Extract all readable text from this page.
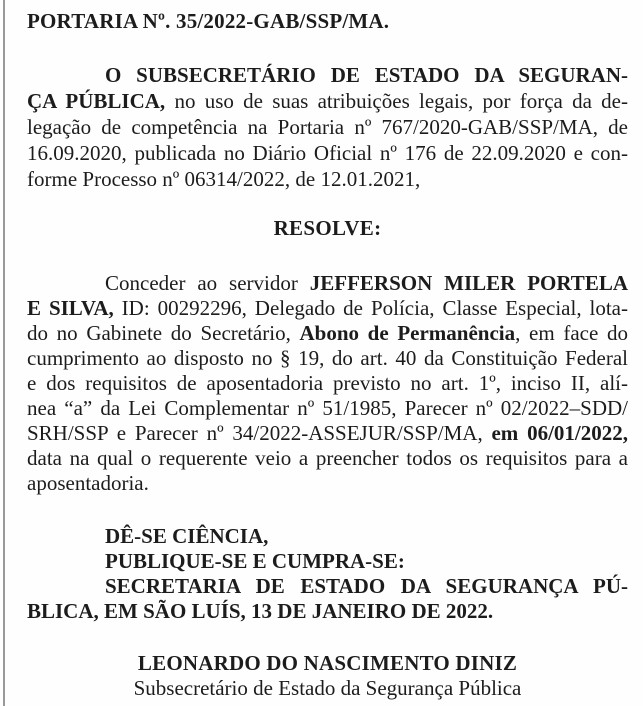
PORTARIA Nº. 35/2022-GAB/SSP/MA.
O SUBSECRETÁRIO DE ESTADO DA SEGURAN-
ÇA PÚBLICA, no uso de suas atribuições legais, por força da de-
legação de competência na Portaria nº 767/2020-GAB/SSP/MA, de
16.09.2020, publicada no Diário Oficial nº 176 de 22.09.2020 e con-
forme Processo nº 06314/2022, de 12.01.2021,
RESOLVE:
Conceder ao servidor JEFFERSON MILER PORTELA
E SILVA, ID: 00292296, Delegado de Polícia, Classe Especial, lota-
do no Gabinete do Secretário, Abono de Permanência, em face do
cumprimento ao disposto no § 19, do art. 40 da Constituição Federal
e dos requisitos de aposentadoria previsto no art. 1º, inciso II, alí-
nea “a” da Lei Complementar nº 51/1985, Parecer nº 02/2022–SDD/
SRH/SSP e Parecer nº 34/2022-ASSEJUR/SSP/MA, em 06/01/2022,
data na qual o requerente veio a preencher todos os requisitos para a
aposentadoria.
DÊ-SE CIÊNCIA,
PUBLIQUE-SE E CUMPRA-SE:
SECRETARIA DE ESTADO DA SEGURANÇA PÚ-
BLICA, EM SÃO LUÍS, 13 DE JANEIRO DE 2022.
LEONARDO DO NASCIMENTO DINIZ
Subsecretário de Estado da Segurança Pública
